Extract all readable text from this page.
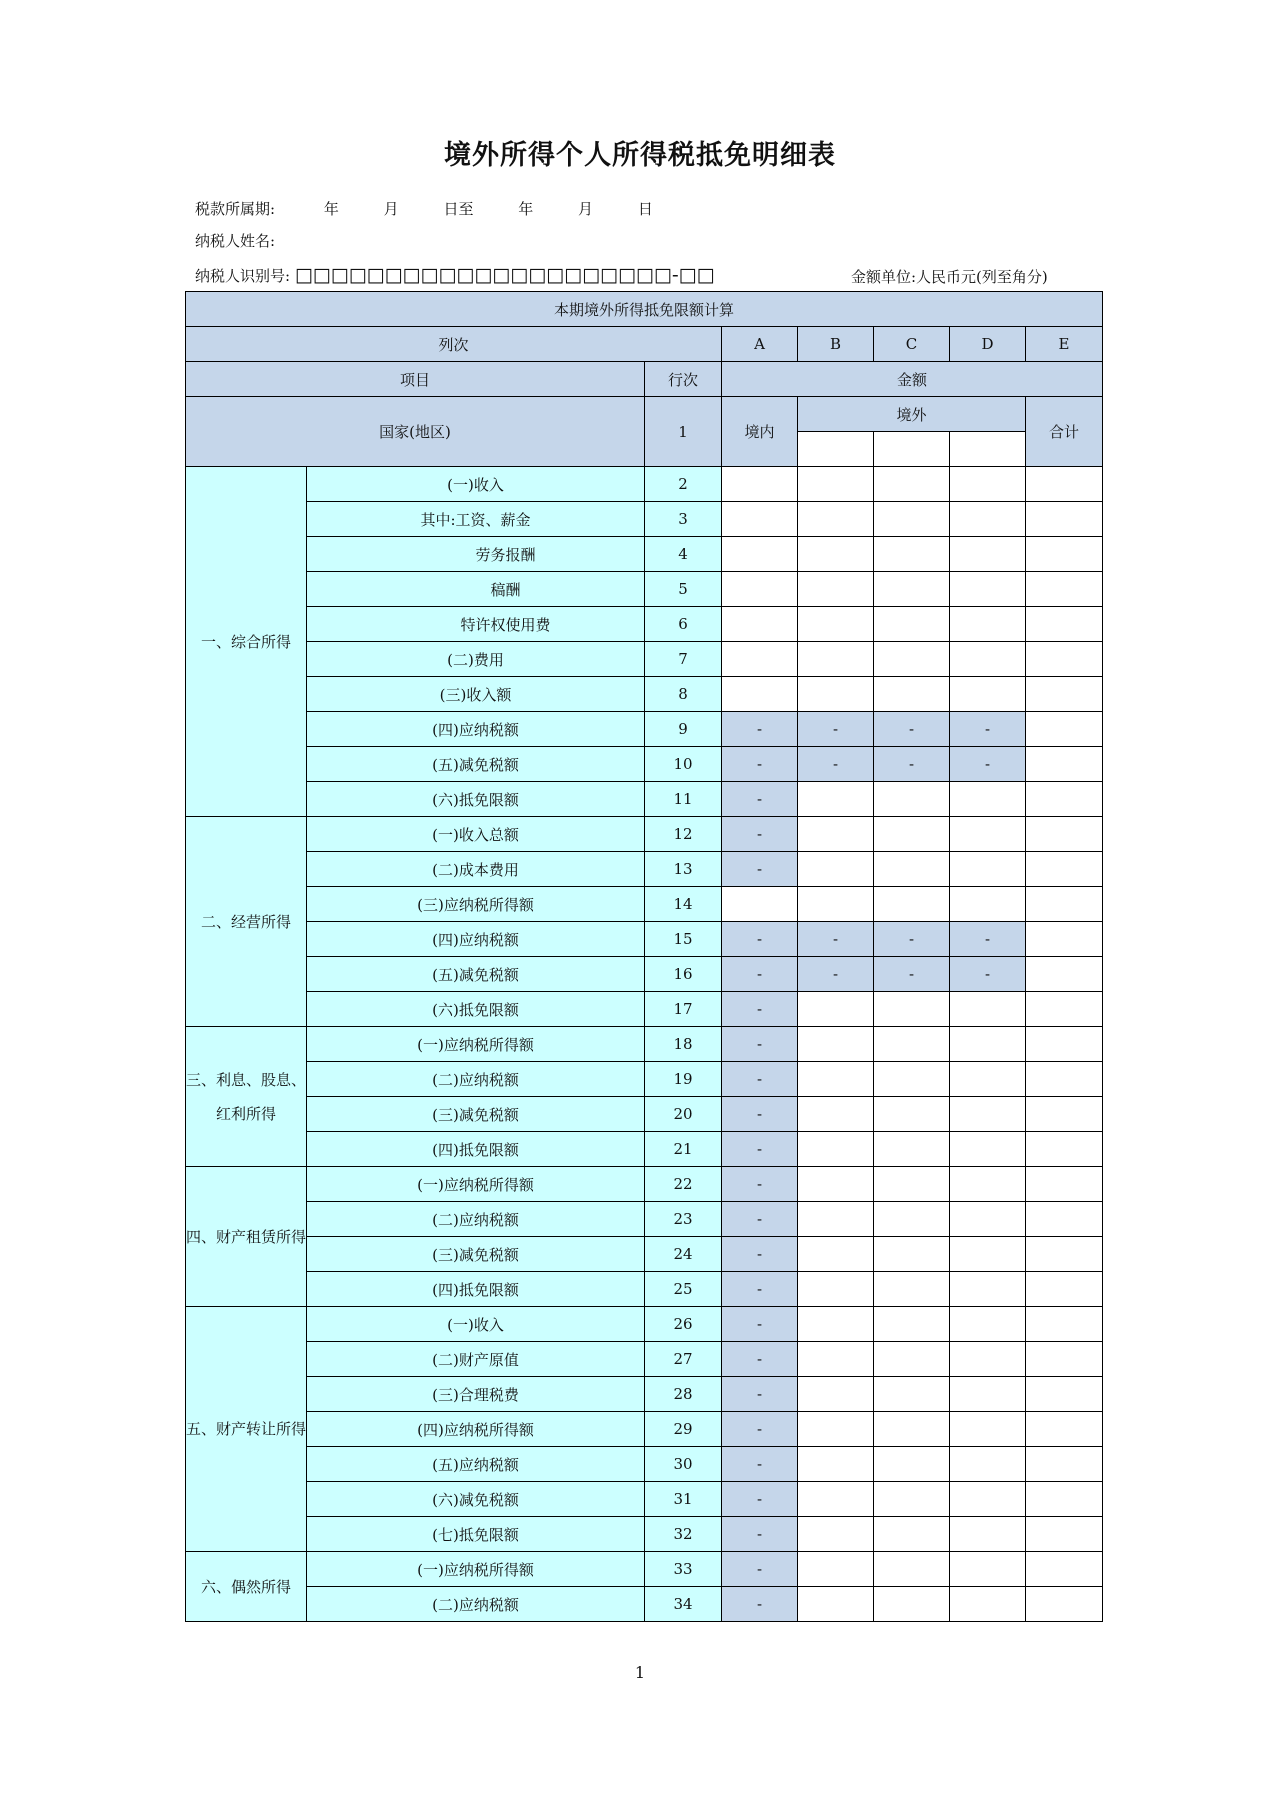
境外所得个人所得税抵免明细表
税款所属期:	年	月	日至	年	月	日
纳税人姓名:
纳税人识别号: □□□□□□□□□□□□□□□□□□□□□-□□	金额单位:人民币元(列至角分)
本期境外所得抵免限额计算							
列次			A	B	C	D	E
项目		行次	金额				
国家(地区)		1	境内	境外			合计

一、综合所得	(一)收入	2					
	其中:工资、薪金	3					
	劳务报酬	4					
	稿酬	5					
	特许权使用费	6					
	(二)费用	7					
	(三)收入额	8					
	(四)应纳税额	9	-	-	-	-	
	(五)减免税额	10	-	-	-	-	
	(六)抵免限额	11	-				
二、经营所得	(一)收入总额	12	-				
	(二)成本费用	13	-				
	(三)应纳税所得额	14					
	(四)应纳税额	15	-	-	-	-	
	(五)减免税额	16	-	-	-	-	
	(六)抵免限额	17	-				
三、利息、股息、红利所得	(一)应纳税所得额	18	-				
	(二)应纳税额	19	-				
	(三)减免税额	20	-				
	(四)抵免限额	21	-				
四、财产租赁所得	(一)应纳税所得额	22	-				
	(二)应纳税额	23	-				
	(三)减免税额	24	-				
	(四)抵免限额	25	-				
五、财产转让所得	(一)收入	26	-				
	(二)财产原值	27	-				
	(三)合理税费	28	-				
	(四)应纳税所得额	29	-				
	(五)应纳税额	30	-				
	(六)减免税额	31	-				
	(七)抵免限额	32	-				
六、偶然所得	(一)应纳税所得额	33	-				
	(二)应纳税额	34	-				
1
